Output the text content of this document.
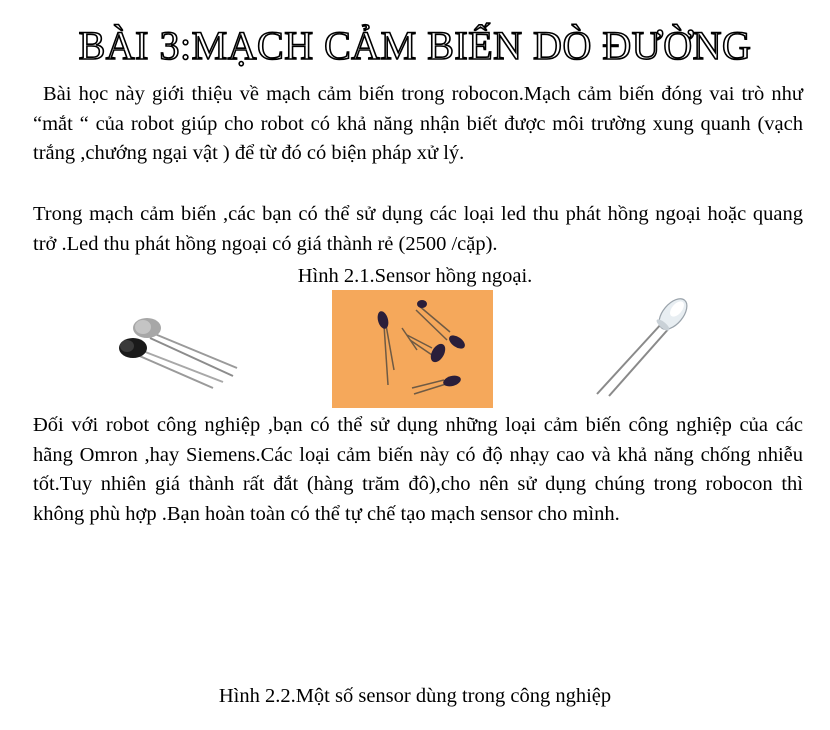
BÀI 3:MẠCH CẢM BIẾN DÒ ĐƯỜNG
Bài học này giới thiệu về mạch cảm biến trong robocon.Mạch cảm biến đóng vai trò như “mắt “ của robot giúp cho robot có khả năng nhận biết được môi trường xung quanh (vạch trắng ,chướng ngại vật ) để từ đó có biện pháp xử lý.
Trong mạch cảm biến ,các bạn có thể sử dụng các loại led thu phát hồng ngoại hoặc quang trở .Led thu phát hồng ngoại có giá thành rẻ (2500 /cặp).
Hình 2.1.Sensor hồng ngoại.
Đối với robot công nghiệp ,bạn có thể sử dụng những loại cảm biến công nghiệp của các hãng Omron ,hay Siemens.Các loại cảm biến này có độ nhạy cao và khả năng chống nhiễu tốt.Tuy nhiên giá thành rất đắt (hàng trăm đô),cho nên sử dụng chúng trong robocon thì không phù hợp .Bạn hoàn toàn có thể tự chế tạo mạch sensor cho mình.
Hình 2.2.Một số sensor dùng trong công nghiệp
